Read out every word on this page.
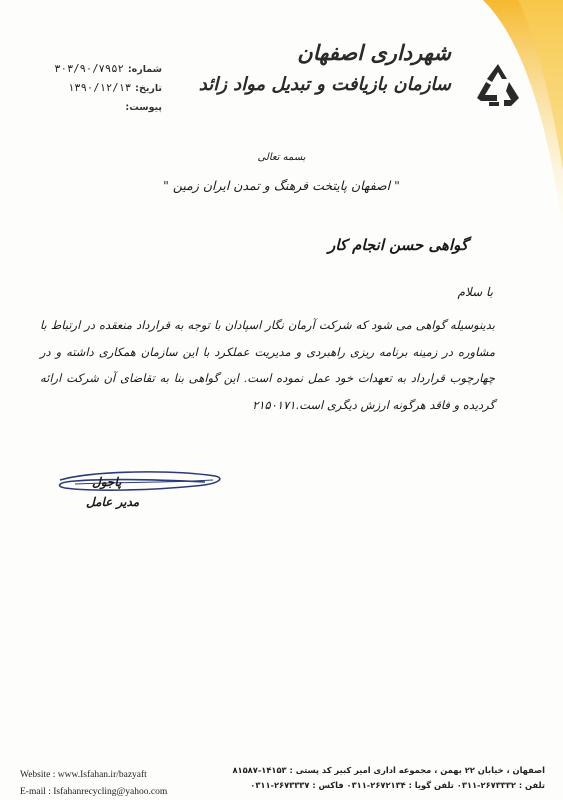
شماره:
۳۰۳/۹۰/۷۹۵۲
تاریخ:
۱۳۹۰/۱۲/۱۳
پیوست:
شهرداری اصفهان
سازمان بازیافت و تبدیل مواد زائد
بسمه تعالی
" اصفهان پایتخت فرهنگ و تمدن ایران زمین "
گواهی حسن انجام کار
با سلام
بدینوسیله گواهی می شود که شرکت آرمان نگار اسپادان با توجه به قرارداد منعقده در ارتباط با مشاوره در زمینه برنامه ریزی راهبردی و مدیریت عملکرد با این سازمان همکاری داشته و در چهارچوب قرارداد به تعهدات خود عمل نموده است. این گواهی بنا به تقاضای آن شرکت ارائه گردیده و فاقد هرگونه ارزش دیگری است.۲۱۵۰۱۷۱
پاجول
مدیر عامل
Website : www.Isfahan.ir/bazyaft
E-mail : Isfahanrecycling@yahoo.com
اصفهان ، خیابان ۲۲ بهمن ، مجموعه اداری امیر کبیر کد پستی : ۱۴۱۵۳-۸۱۵۸۷
تلفن : ۲۶۷۳۳۳۲-۰۳۱۱ تلفن گویا : ۲۶۷۲۱۳۴-۰۳۱۱ فاکس : ۲۶۷۳۳۳۷-۰۳۱۱
